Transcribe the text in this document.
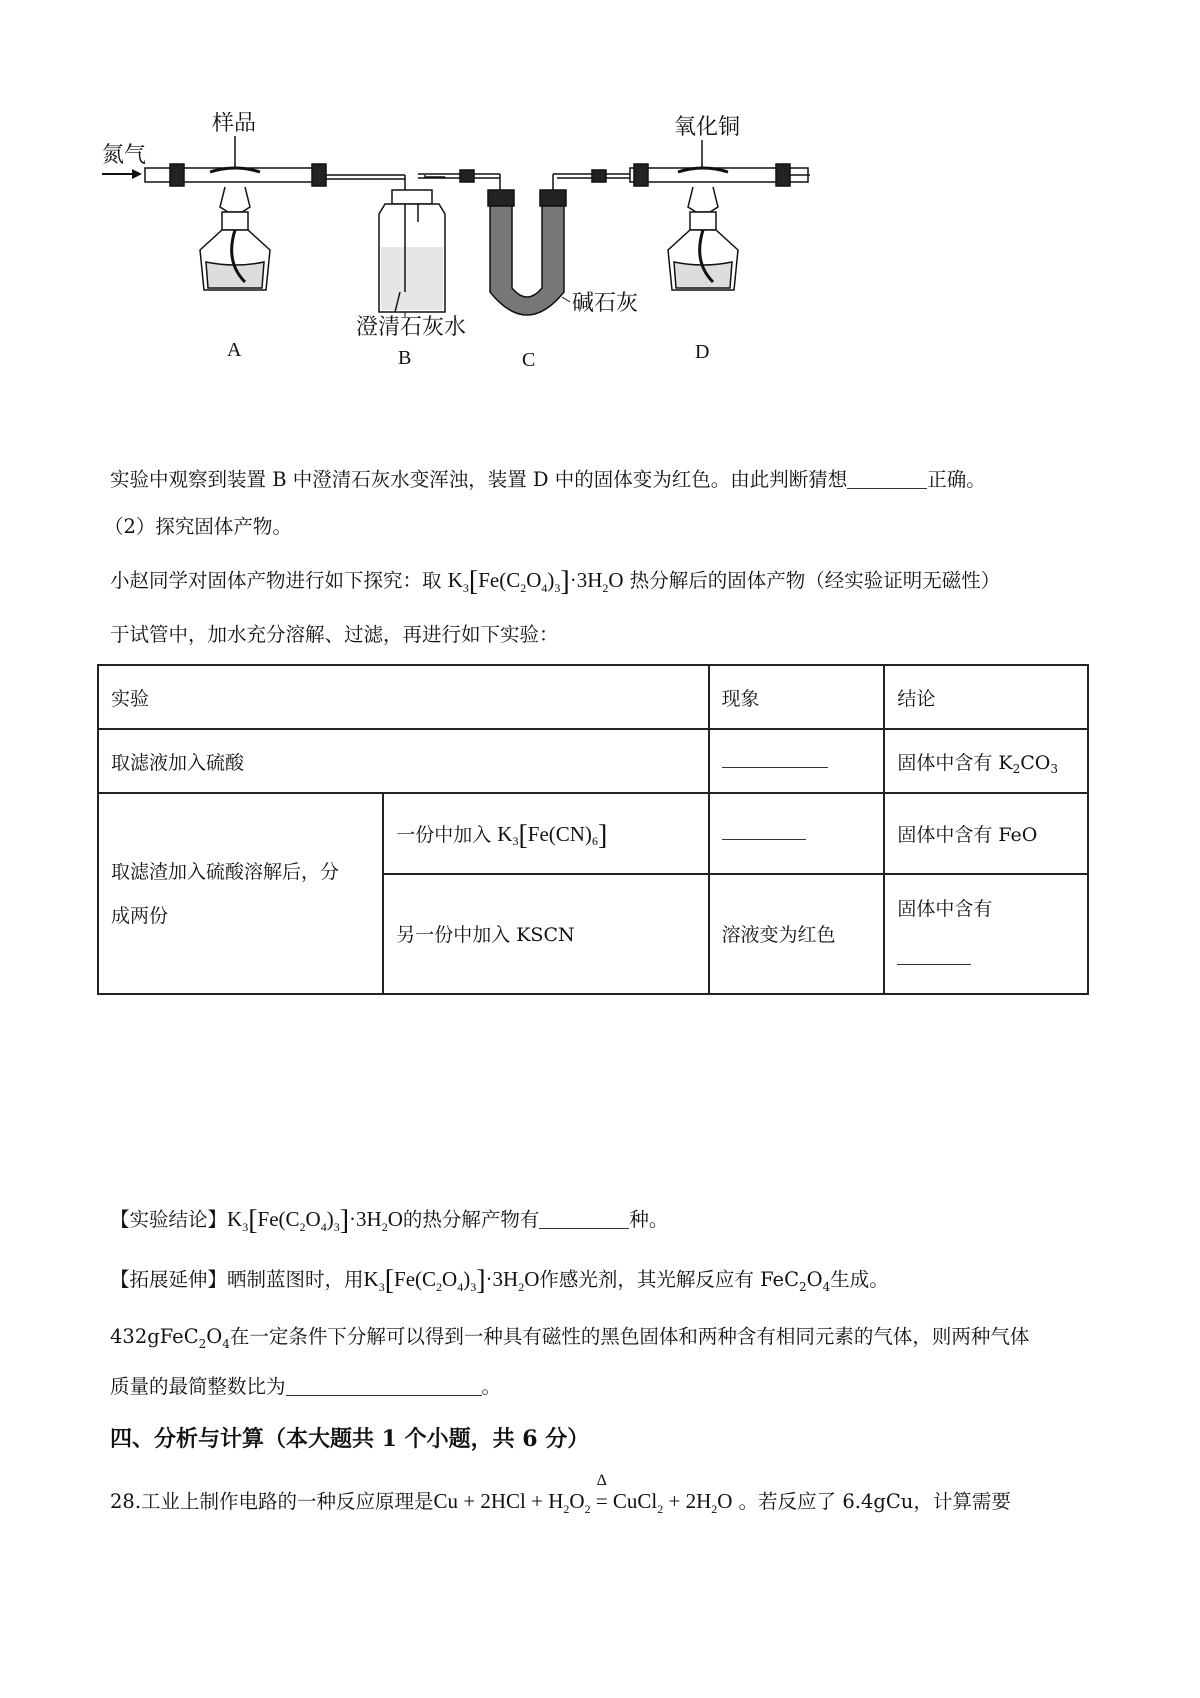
氮气
样品
澄清石灰水
碱石灰
氧化铜
A	B	C	D
实验中观察到装置 B 中澄清石灰水变浑浊，装置 D 中的固体变为红色。由此判断猜想	正确。
（2）探究固体产物。
小赵同学对固体产物进行如下探究：取 $K_3[Fe(C_2O_4)_3]\cdot 3H_2O$ 热分解后的固体产物（经实验证明无磁性）
于试管中，加水充分溶解、过滤，再进行如下实验：
实验		现象	结论
取滤液加入硫酸			固体中含有 $K_2CO_3$

取滤渣加入硫酸溶解后，分
成两份	一份中加入 $K_3[Fe(CN)_6]$		固体中含有 FeO
	另一份中加入 KSCN	溶液变为红色	固体中含有
【实验结论】$K_3[Fe(C_2O_4)_3]\cdot 3H_2O$的热分解产物有	种。
【拓展延伸】晒制蓝图时，用$K_3[Fe(C_2O_4)_3]\cdot 3H_2O$作感光剂，其光解反应有 $FeC_2O_4$生成。
$432gFeC_2O_4$在一定条件下分解可以得到一种具有磁性的黑色固体和两种含有相同元素的气体，则两种气体
质量的最简整数比为	。
四、分析与计算（本大题共 1 个小题，共 6 分）
28.工业上制作电路的一种反应原理是$Cu + 2HCl + H_2O_2$
Δ
= CuCl$_2$ + $2H_2O$ 。若反应了 6.4gCu，计算需要
